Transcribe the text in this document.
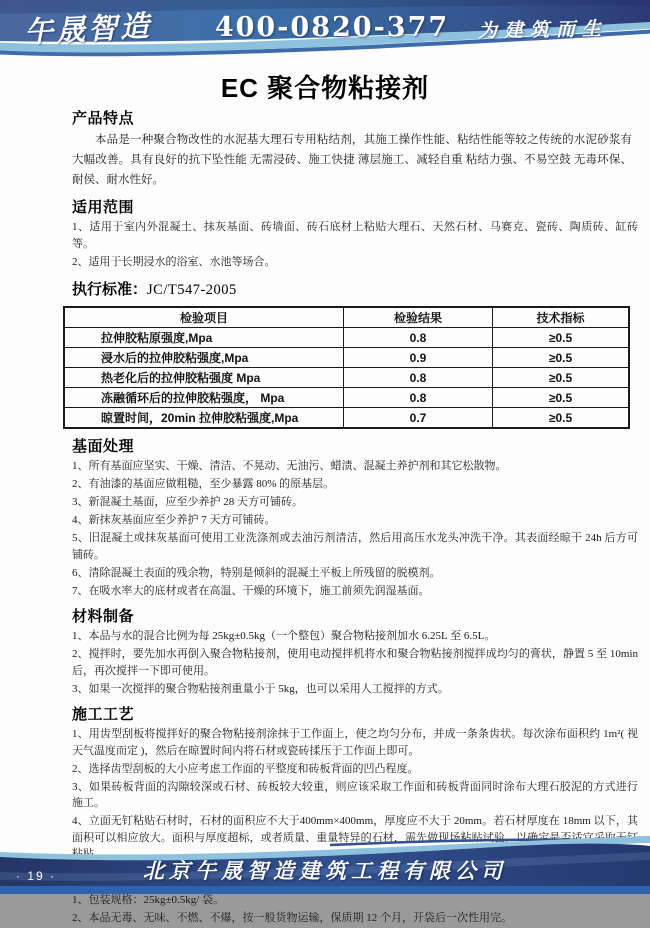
午晟智造	400-0820-377	为建筑而生
EC 聚合物粘接剂
产品特点

本品是一种聚合物改性的水泥基大理石专用粘结剂，其施工操作性能、粘结性能等较之传统的水泥砂浆有大幅改善。具有良好的抗下坠性能 无需浸砖、施工快捷 薄层施工、减轻自重 粘结力强、不易空鼓 无毒环保、耐侯、耐水性好。

适用范围
1、适用于室内外混凝土、抹灰基面、砖墙面、砖石底材上粘贴大理石、天然石材、马赛克、瓷砖、陶质砖、缸砖等。
2、适用于长期浸水的浴室、水池等场合。
执行标准：JC/T547-2005
检验项目	检验结果	技术指标
拉伸胶粘原强度,Mpa	0.8	≥0.5
浸水后的拉伸胶粘强度,Mpa	0.9	≥0.5
热老化后的拉伸胶粘强度 Mpa	0.8	≥0.5
冻融循环后的拉伸胶粘强度， Mpa	0.8	≥0.5
晾置时间，20min 拉伸胶粘强度,Mpa	0.7	≥0.5
基面处理
1、所有基面应坚实、干燥、清洁、不晃动、无油污、蜡渍、混凝土养护剂和其它松散物。
2、有油漆的基面应做粗糙，至少暴露 80% 的原基层。
3、新混凝土基面，应至少养护 28 天方可铺砖。
4、新抹灰基面应至少养护 7 天方可铺砖。
5、旧混凝土或抹灰基面可使用工业洗涤剂或去油污剂清洁，然后用高压水龙头冲洗干净。其表面经晾干 24h 后方可铺砖。
6、清除混凝土表面的残余物，特别是倾斜的混凝土平板上所残留的脱模剂。
7、在吸水率大的底材或者在高温、干燥的环境下，施工前须先润湿基面。
材料制备
1、本品与水的混合比例为每 25kg±0.5kg（一个整包）聚合物粘接剂加水 6.25L 至 6.5L。
2、搅拌时，要先加水再倒入聚合物粘接剂，使用电动搅拌机将水和聚合物粘接剂搅拌成均匀的膏状，静置 5 至 10min 后，再次搅拌一下即可使用。
3、如果一次搅拌的聚合物粘接剂重量小于 5kg，也可以采用人工搅拌的方式。
施工工艺
1、用齿型刮板将搅拌好的聚合物粘接剂涂抹于工作面上，使之均匀分布，并成一条条齿状。每次涂布面积约 1m²( 视天气温度而定 )，然后在晾置时间内将石材或瓷砖揉压于工作面上即可。
2、选择齿型刮板的大小应考虑工作面的平整度和砖板背面的凹凸程度。
3、如果砖板背面的沟隙较深或石材、砖板较大较重，则应该采取工作面和砖板背面同时涂布大理石胶泥的方式进行施工。
4、立面无钉粘贴石材时，石材的面积应不大于400mm×400mm，厚度应不大于 20mm。若石材厚度在 18mm 以下，其面积可以相应放大。面积与厚度超标，或者质量、重量特异的石材，需先做现场粘贴试验，以确定是否适宜采取无钉粘贴。
1、包装规格：25kg±0.5kg/ 袋。
2、本品无毒、无味、不燃、不爆，按一般货物运输，保质期 12 个月，开袋后一次性用完。
· 19 ·	北京午晟智造建筑工程有限公司
